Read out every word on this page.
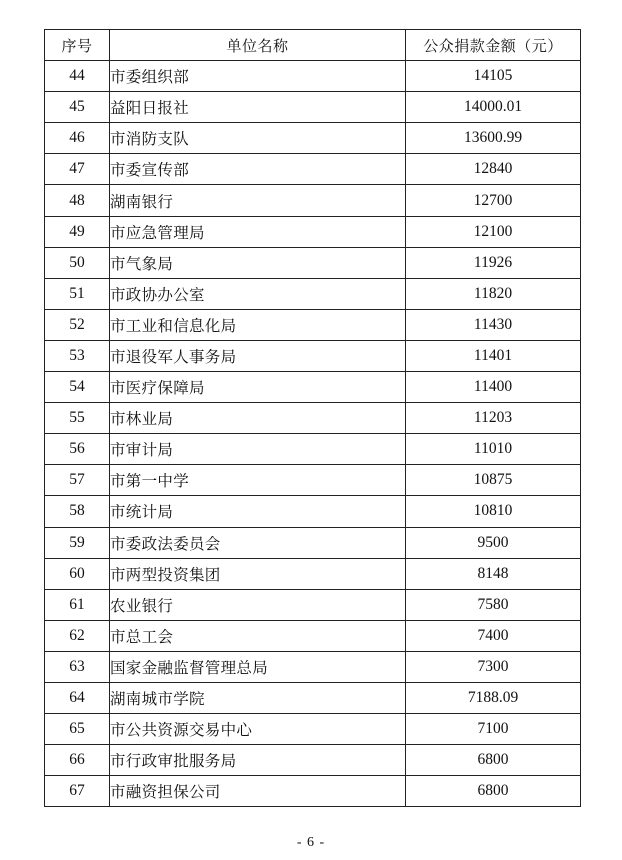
序号	单位名称	公众捐款金额（元）
44	市委组织部	14105
45	益阳日报社	14000.01
46	市消防支队	13600.99
47	市委宣传部	12840
48	湖南银行	12700
49	市应急管理局	12100
50	市气象局	11926
51	市政协办公室	11820
52	市工业和信息化局	11430
53	市退役军人事务局	11401
54	市医疗保障局	11400
55	市林业局	11203
56	市审计局	11010
57	市第一中学	10875
58	市统计局	10810
59	市委政法委员会	9500
60	市两型投资集团	8148
61	农业银行	7580
62	市总工会	7400
63	国家金融监督管理总局	7300
64	湖南城市学院	7188.09
65	市公共资源交易中心	7100
66	市行政审批服务局	6800
67	市融资担保公司	6800
- 6 -
